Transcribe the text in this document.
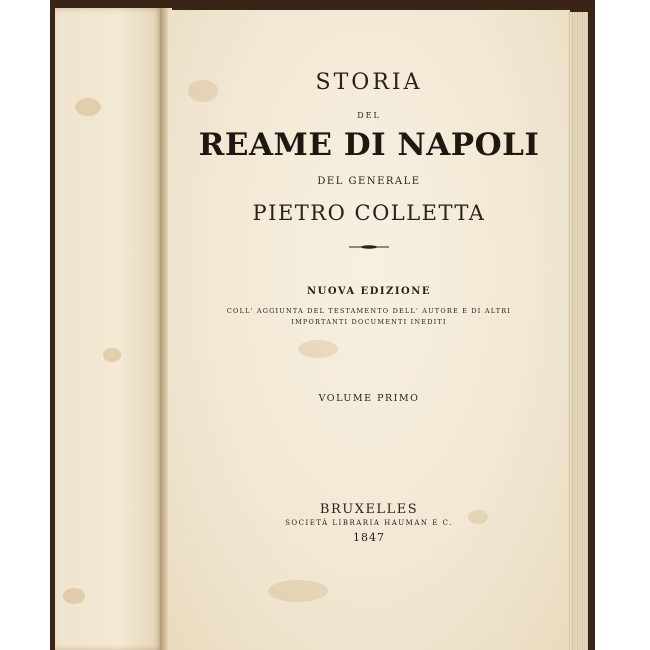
STORIA
DEL
REAME DI NAPOLI
DEL GENERALE
PIETRO COLLETTA
NUOVA EDIZIONE
COLL' AGGIUNTA DEL TESTAMENTO DELL' AUTORE E DI ALTRI
IMPORTANTI DOCUMENTI INEDITI
VOLUME PRIMO
BRUXELLES
SOCIETÀ LIBRARIA HAUMAN E C.
1847
